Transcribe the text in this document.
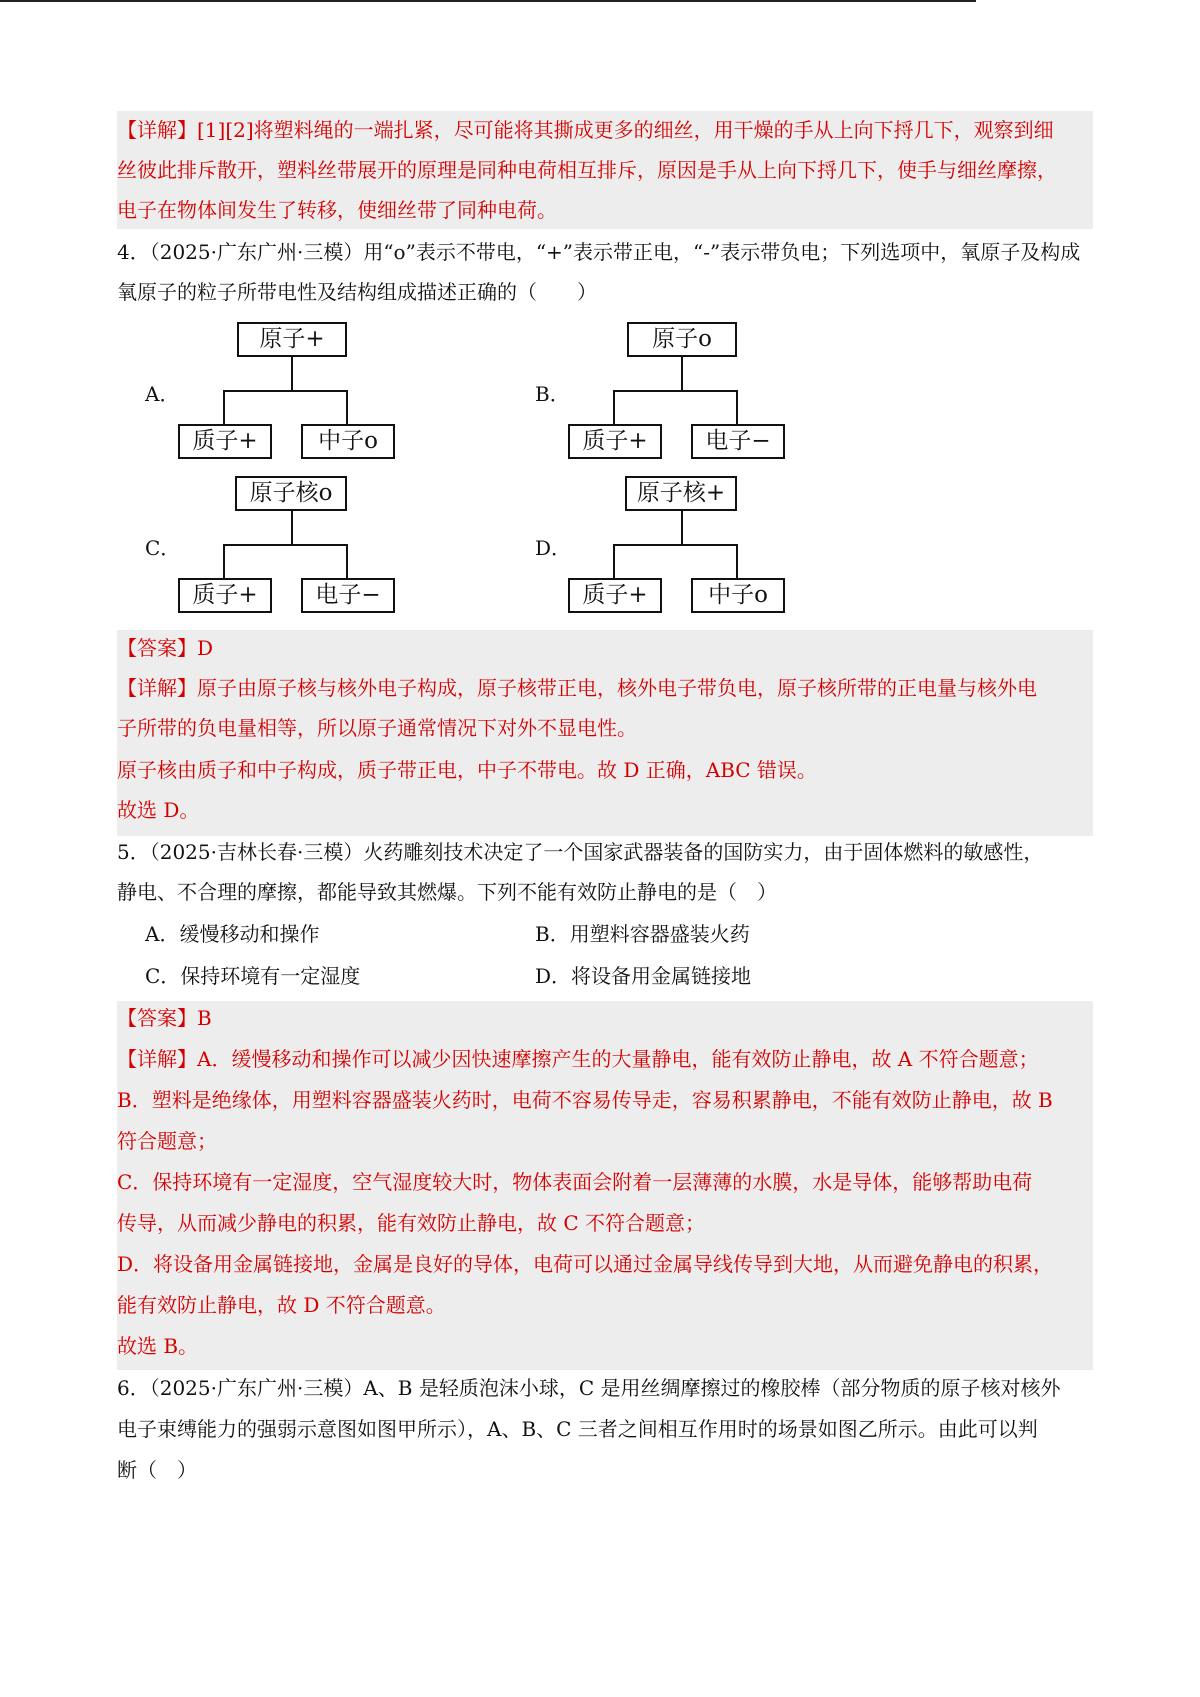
【详解】[1][2]将塑料绳的一端扎紧，尽可能将其撕成更多的细丝，用干燥的手从上向下捋几下，观察到细
丝彼此排斥散开，塑料丝带展开的原理是同种电荷相互排斥，原因是手从上向下捋几下，使手与细丝摩擦，
电子在物体间发生了转移，使细丝带了同种电荷。
4．（2025·广东广州·三模）用“o”表示不带电，“+”表示带正电，“-”表示带负电；下列选项中，氧原子及构成
氧原子的粒子所带电性及结构组成描述正确的（　　）
A．
原子+
质子+	中子o
B．
原子o
质子+	电子−
C．
原子核o
质子+	电子−
D．
原子核+
质子+	中子o
【答案】D
【详解】原子由原子核与核外电子构成，原子核带正电，核外电子带负电，原子核所带的正电量与核外电
子所带的负电量相等，所以原子通常情况下对外不显电性。
原子核由质子和中子构成，质子带正电，中子不带电。故 D 正确，ABC 错误。
故选 D。
5．（2025·吉林长春·三模）火药雕刻技术决定了一个国家武器装备的国防实力，由于固体燃料的敏感性，
静电、不合理的摩擦，都能导致其燃爆。下列不能有效防止静电的是（　）
A．缓慢移动和操作	B．用塑料容器盛装火药
C．保持环境有一定湿度	D．将设备用金属链接地
【答案】B
【详解】A．缓慢移动和操作可以减少因快速摩擦产生的大量静电，能有效防止静电，故 A 不符合题意；
B．塑料是绝缘体，用塑料容器盛装火药时，电荷不容易传导走，容易积累静电，不能有效防止静电，故 B
符合题意；
C．保持环境有一定湿度，空气湿度较大时，物体表面会附着一层薄薄的水膜，水是导体，能够帮助电荷
传导，从而减少静电的积累，能有效防止静电，故 C 不符合题意；
D．将设备用金属链接地，金属是良好的导体，电荷可以通过金属导线传导到大地，从而避免静电的积累，
能有效防止静电，故 D 不符合题意。
故选 B。
6．（2025·广东广州·三模）A、B 是轻质泡沫小球，C 是用丝绸摩擦过的橡胶棒（部分物质的原子核对核外
电子束缚能力的强弱示意图如图甲所示），A、B、C 三者之间相互作用时的场景如图乙所示。由此可以判
断（　）
